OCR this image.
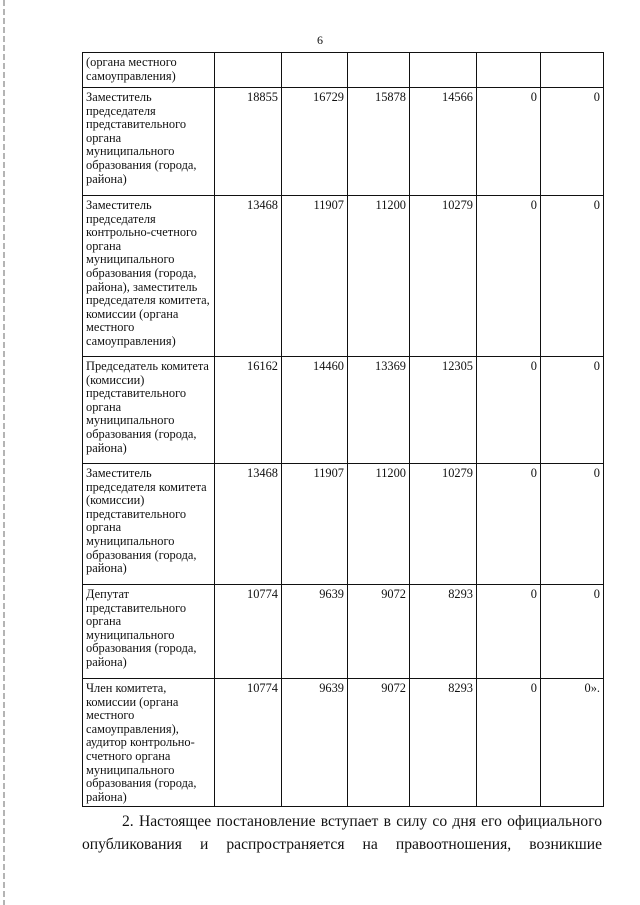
6
(органа местного самоуправления)						
Заместитель председателя представительного органа муниципального образования (города, района)	18855	16729	15878	14566	0	0
Заместитель председателя контрольно-счетного органа муниципального образования (города, района), заместитель председателя комитета, комиссии (органа местного самоуправления)	13468	11907	11200	10279	0	0
Председатель комитета (комиссии) представительного органа муниципального образования (города, района)	16162	14460	13369	12305	0	0
Заместитель председателя комитета (комиссии) представительного органа муниципального образования (города, района)	13468	11907	11200	10279	0	0
Депутат представительного органа муниципального образования (города, района)	10774	9639	9072	8293	0	0
Член комитета, комиссии (органа местного самоуправления), аудитор контрольно-счетного органа муниципального образования (города, района)	10774	9639	9072	8293	0	0».
2. Настоящее постановление вступает в силу со дня его официального
опубликования и распространяется на правоотношения, возникшие
